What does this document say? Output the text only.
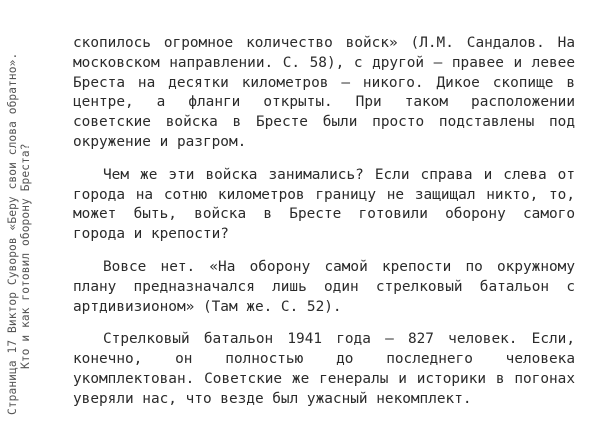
Страница 17 Виктор Суворов «Беру свои слова обратно». Кто и как готовил оборону Бреста?

скопилось огромное количество войск» (Л.М. Сандалов. На московском направлении. С. 58), с другой – правее и левее Бреста на десятки километров – никого. Дикое скопище в центре, а фланги открыты. При таком расположении советские войска в Бресте были просто подставлены под окружение и разгром.

Чем же эти войска занимались? Если справа и слева от города на сотню километров границу не защищал никто, то, может быть, войска в Бресте готовили оборону самого города и крепости?

Вовсе нет. «На оборону самой крепости по окружному плану предназначался лишь один стрелковый батальон с артдивизионом» (Там же. С. 52).

Стрелковый батальон 1941 года – 827 человек. Если, конечно, он полностью до последнего человека укомплектован. Советские же генералы и историки в погонах уверяли нас, что везде был ужасный некомплект.
